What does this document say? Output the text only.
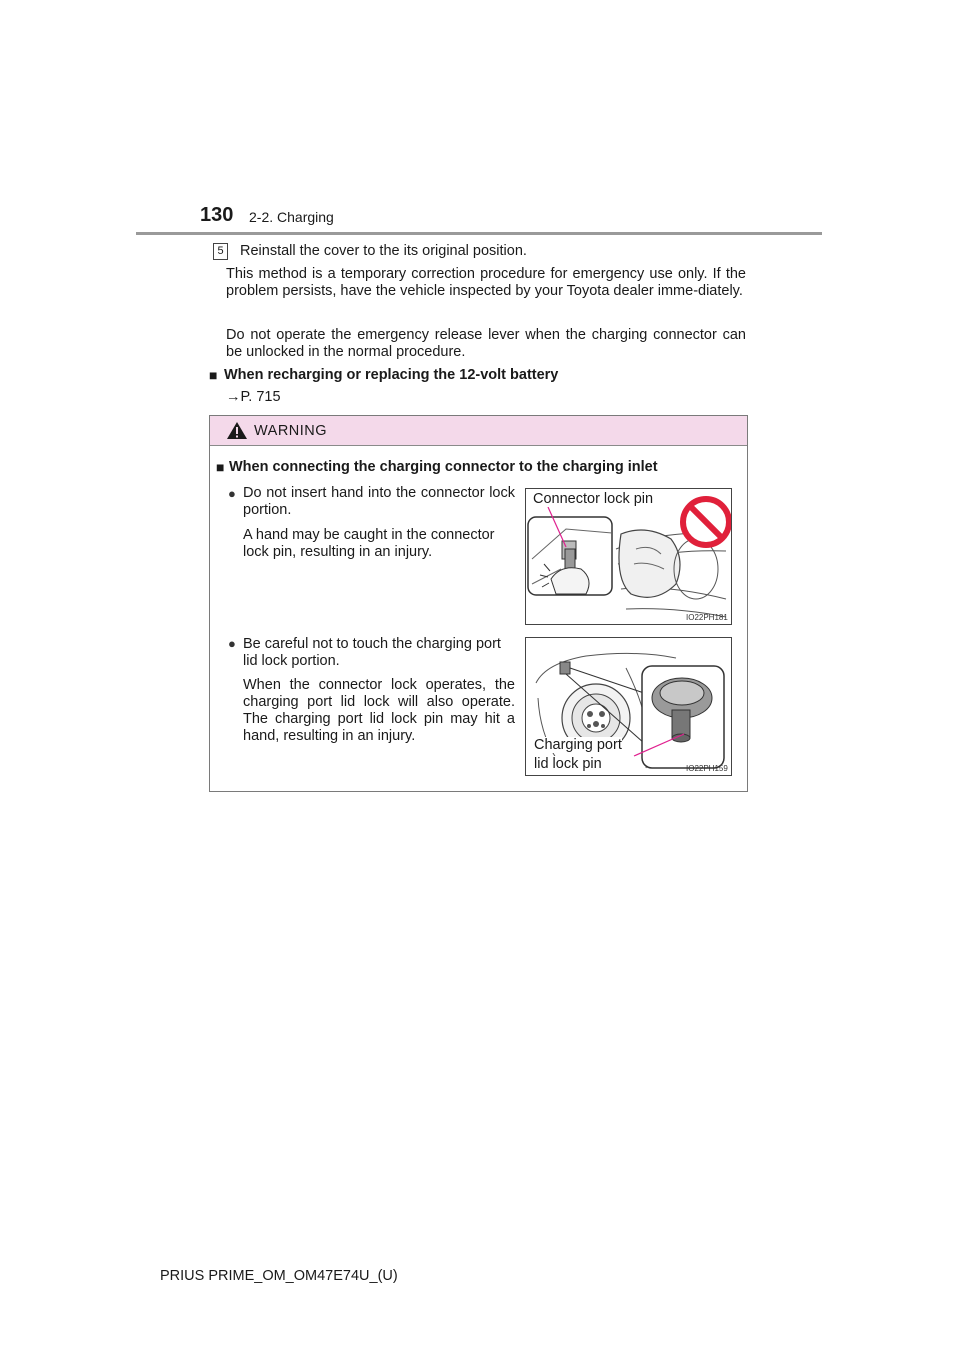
130 2-2. Charging
5	Reinstall the cover to the its original position.
This method is a temporary correction procedure for emergency use only. If the problem persists, have the vehicle inspected by your Toyota dealer imme-diately.
Do not operate the emergency release lever when the charging connector can be unlocked in the normal procedure.
■ When recharging or replacing the 12-volt battery
→P. 715
WARNING
■ When connecting the charging connector to the charging inlet
● Do not insert hand into the connector lock portion.
A hand may be caught in the connector lock pin, resulting in an injury.
Connector lock pin
IO22PH181
● Be careful not to touch the charging port lid lock portion.
When the connector lock operates, the charging port lid lock will also operate. The charging port lid lock pin may hit a hand, resulting in an injury.
Charging port
lid lock pin	IO22PH159
PRIUS PRIME_OM_OM47E74U_(U)
